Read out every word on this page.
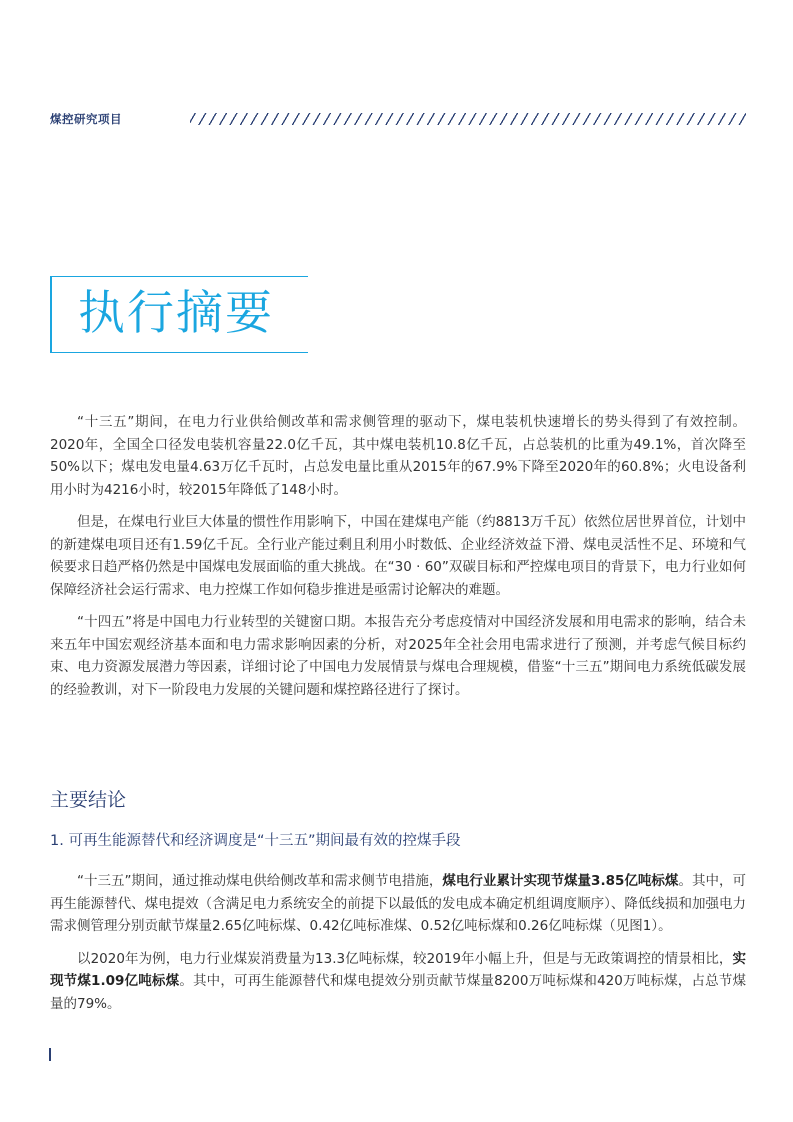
煤控研究项目
执行摘要

“十三五”期间，在电力行业供给侧改革和需求侧管理的驱动下，煤电装机快速增长的势头得到了有效控制。2020年，全国全口径发电装机容量22.0亿千瓦，其中煤电装机10.8亿千瓦，占总装机的比重为49.1%，首次降至50%以下；煤电发电量4.63万亿千瓦时，占总发电量比重从2015年的67.9%下降至2020年的60.8%；火电设备利用小时为4216小时，较2015年降低了148小时。

但是，在煤电行业巨大体量的惯性作用影响下，中国在建煤电产能（约8813万千瓦）依然位居世界首位，计划中的新建煤电项目还有1.59亿千瓦。全行业产能过剩且利用小时数低、企业经济效益下滑、煤电灵活性不足、环境和气候要求日趋严格仍然是中国煤电发展面临的重大挑战。在“30 · 60”双碳目标和严控煤电项目的背景下，电力行业如何保障经济社会运行需求、电力控煤工作如何稳步推进是亟需讨论解决的难题。

“十四五”将是中国电力行业转型的关键窗口期。本报告充分考虑疫情对中国经济发展和用电需求的影响，结合未来五年中国宏观经济基本面和电力需求影响因素的分析，对2025年全社会用电需求进行了预测，并考虑气候目标约束、电力资源发展潜力等因素，详细讨论了中国电力发展情景与煤电合理规模，借鉴“十三五”期间电力系统低碳发展的经验教训，对下一阶段电力发展的关键问题和煤控路径进行了探讨。

主要结论
1. 可再生能源替代和经济调度是“十三五”期间最有效的控煤手段

“十三五”期间，通过推动煤电供给侧改革和需求侧节电措施，煤电行业累计实现节煤量3.85亿吨标煤。其中，可再生能源替代、煤电提效（含满足电力系统安全的前提下以最低的发电成本确定机组调度顺序）、降低线损和加强电力需求侧管理分别贡献节煤量2.65亿吨标煤、0.42亿吨标准煤、0.52亿吨标煤和0.26亿吨标煤（见图1）。

以2020年为例，电力行业煤炭消费量为13.3亿吨标煤，较2019年小幅上升，但是与无政策调控的情景相比，实现节煤1.09亿吨标煤。其中，可再生能源替代和煤电提效分别贡献节煤量8200万吨标煤和420万吨标煤，占总节煤量的79%。
